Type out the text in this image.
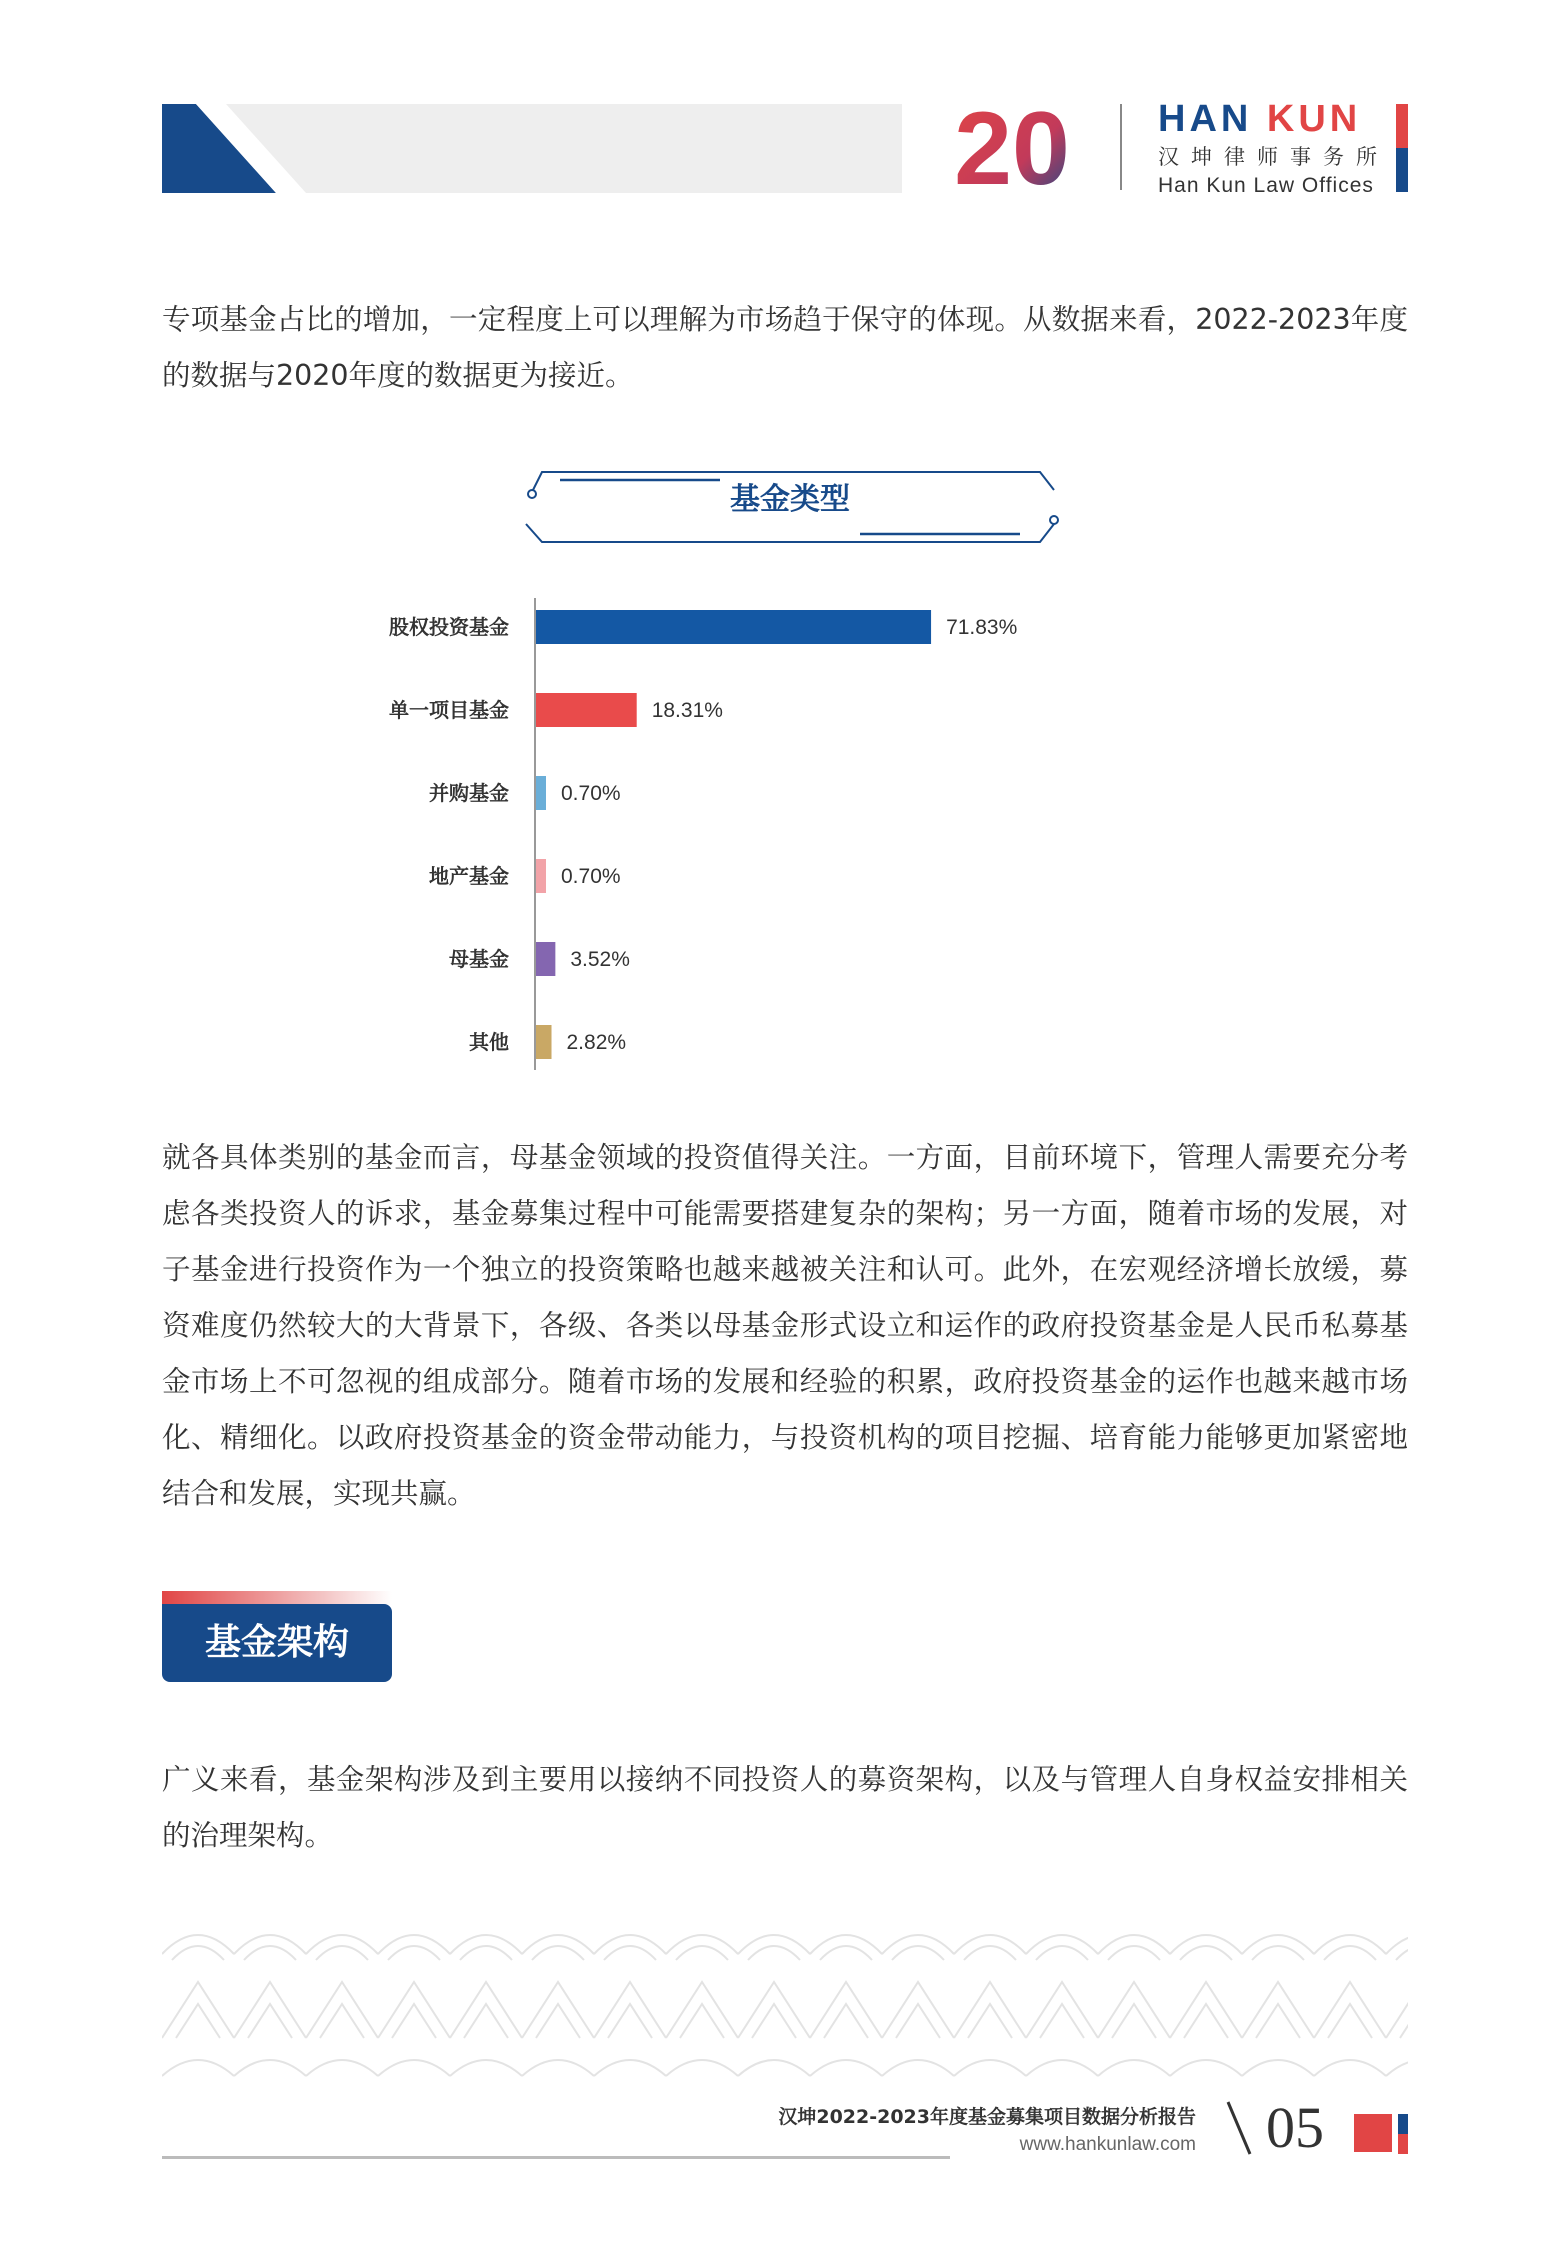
20 HAN KUN
汉坤律师事务所
Han Kun Law Offices
专项基金占比的增加，一定程度上可以理解为市场趋于保守的体现。从数据来看，2022-2023年度的数据与2020年度的数据更为接近。
基金类型
股权投资基金	71.83%
单一项目基金	18.31%
并购基金 0.70%
地产基金 0.70%
母基金	3.52%
其他	2.82%
就各具体类别的基金而言，母基金领域的投资值得关注。一方面，目前环境下，管理人需要充分考虑各类投资人的诉求，基金募集过程中可能需要搭建复杂的架构；另一方面，随着市场的发展，对子基金进行投资作为一个独立的投资策略也越来越被关注和认可。此外，在宏观经济增长放缓，募资难度仍然较大的大背景下，各级、各类以母基金形式设立和运作的政府投资基金是人民币私募基金市场上不可忽视的组成部分。随着市场的发展和经验的积累，政府投资基金的运作也越来越市场化、精细化。以政府投资基金的资金带动能力，与投资机构的项目挖掘、培育能力能够更加紧密地结合和发展，实现共赢。
基金架构
广义来看，基金架构涉及到主要用以接纳不同投资人的募资架构，以及与管理人自身权益安排相关的治理架构。
汉坤2022-2023年度基金募集项目数据分析报告
www.hankunlaw.com 05
